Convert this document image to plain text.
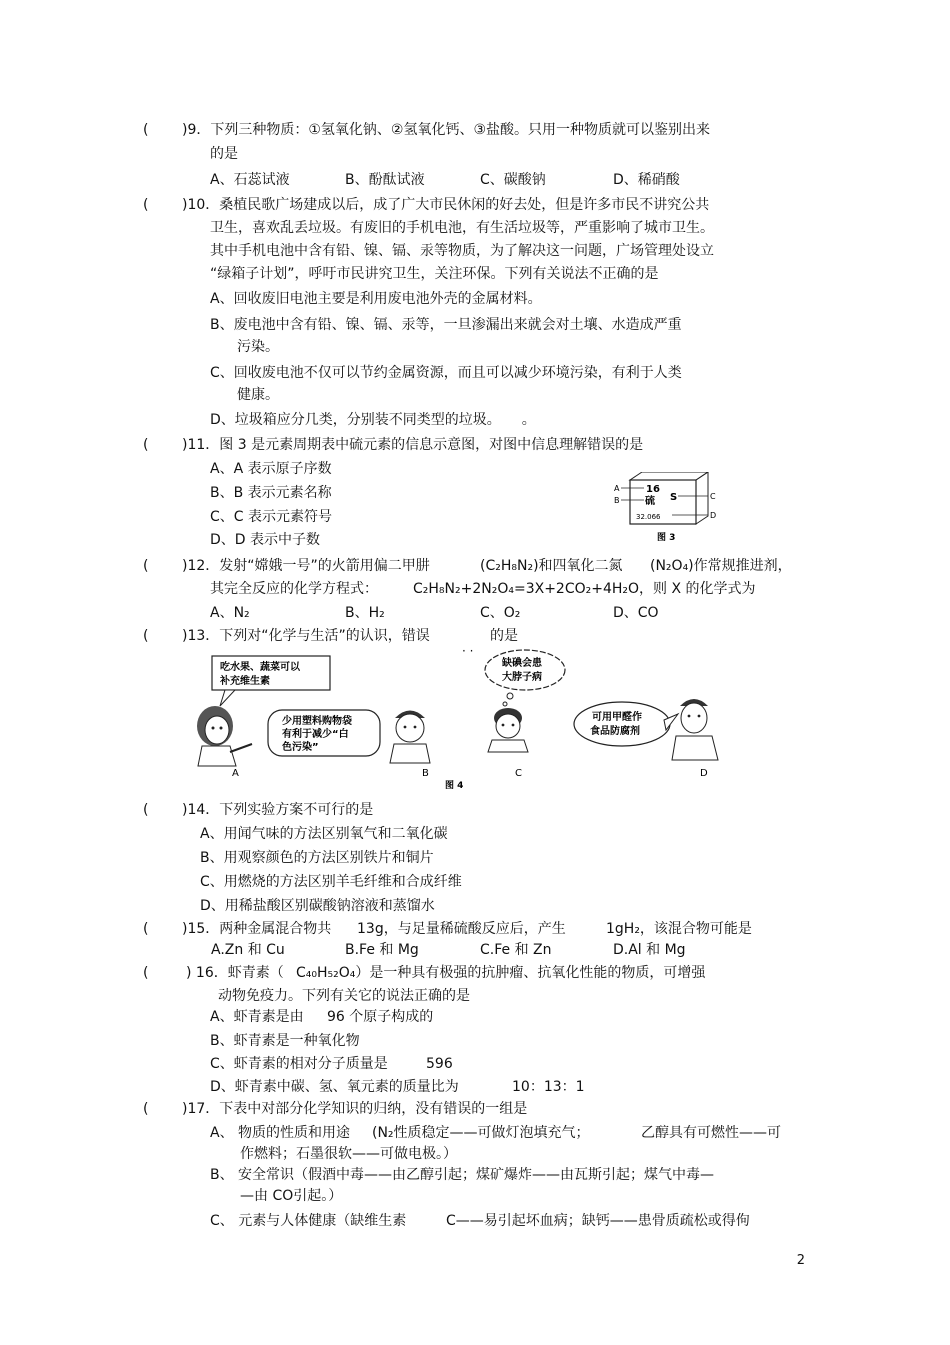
( )9．下列三种物质：①氢氧化钠、②氢氧化钙、③盐酸。只用一种物质就可以鉴别出来
的是
A、石蕊试液	B、酚酞试液	C、碳酸钠	D、稀硝酸
( )10．桑植民歌广场建成以后，成了广大市民休闲的好去处，但是许多市民不讲究公共
卫生，喜欢乱丢垃圾。有废旧的手机电池，有生活垃圾等，严重影响了城市卫生。
其中手机电池中含有铅、镍、镉、汞等物质，为了解决这一问题，广场管理处设立
“绿箱子计划”，呼吁市民讲究卫生，关注环保。下列有关说法不正确的是
A、回收废旧电池主要是利用废电池外壳的金属材料。
B、废电池中含有铅、镍、镉、汞等，一旦渗漏出来就会对土壤、水造成严重
污染。
C、回收废电池不仅可以节约金属资源，而且可以减少环境污染，有利于人类
健康。
D、垃圾箱应分几类，分别装不同类型的垃圾。　　。
( )11．图 3 是元素周期表中硫元素的信息示意图，对图中信息理解错误的是
A、A 表示原子序数
B、B 表示元素名称
C、C 表示元素符号
D、D 表示中子数
16
硫 S
32.066
A
B	C
D
图 3
( )12．发射“嫦娥一号”的火箭用偏二甲肼	(C₂H₈N₂)和四氧化二氮 (N₂O₄)作常规推进剂，
其完全反应的化学方程式：	C₂H₈N₂+2N₂O₄=3X+2CO₂+4H₂O，则 X 的化学式为
A、N₂	B、H₂	C、O₂	D、CO
( )13．下列对“化学与生活”的认识，错误	的是
· ·
吃水果、蔬菜可以
补充维生素
A
少用塑料购物袋
有利于减少“白
色污染”
B
缺碘会患
大脖子病
C
可用甲醛作
食品防腐剂
D
图 4
( )14．下列实验方案不可行的是
A、用闻气味的方法区别氧气和二氧化碳
B、用观察颜色的方法区别铁片和铜片
C、用燃烧的方法区别羊毛纤维和合成纤维
D、用稀盐酸区别碳酸钠溶液和蒸馏水
( )15．两种金属混合物共 13g，与足量稀硫酸反应后，产生	1gH₂，该混合物可能是
A.Zn 和 Cu	B.Fe 和 Mg	C.Fe 和 Zn	D.Al 和 Mg
(	) 16．虾青素（ C₄₀H₅₂O₄）是一种具有极强的抗肿瘤、抗氧化性能的物质，可增强
动物免疫力。下列有关它的说法正确的是
A、虾青素是由 96 个原子构成的
B、虾青素是一种氧化物
C、虾青素的相对分子质量是	596
D、虾青素中碳、氢、氧元素的质量比为	10：13：1
( )17．下表中对部分化学知识的归纳，没有错误的一组是
A、 物质的性质和用途 (N₂性质稳定——可做灯泡填充气；	乙醇具有可燃性——可
作燃料；石墨很软——可做电极。）
B、 安全常识（假酒中毒——由乙醇引起；煤矿爆炸——由瓦斯引起；煤气中毒—
—由 CO引起。）
C、 元素与人体健康（缺维生素	C——易引起坏血病；缺钙——患骨质疏松或得佝
2
